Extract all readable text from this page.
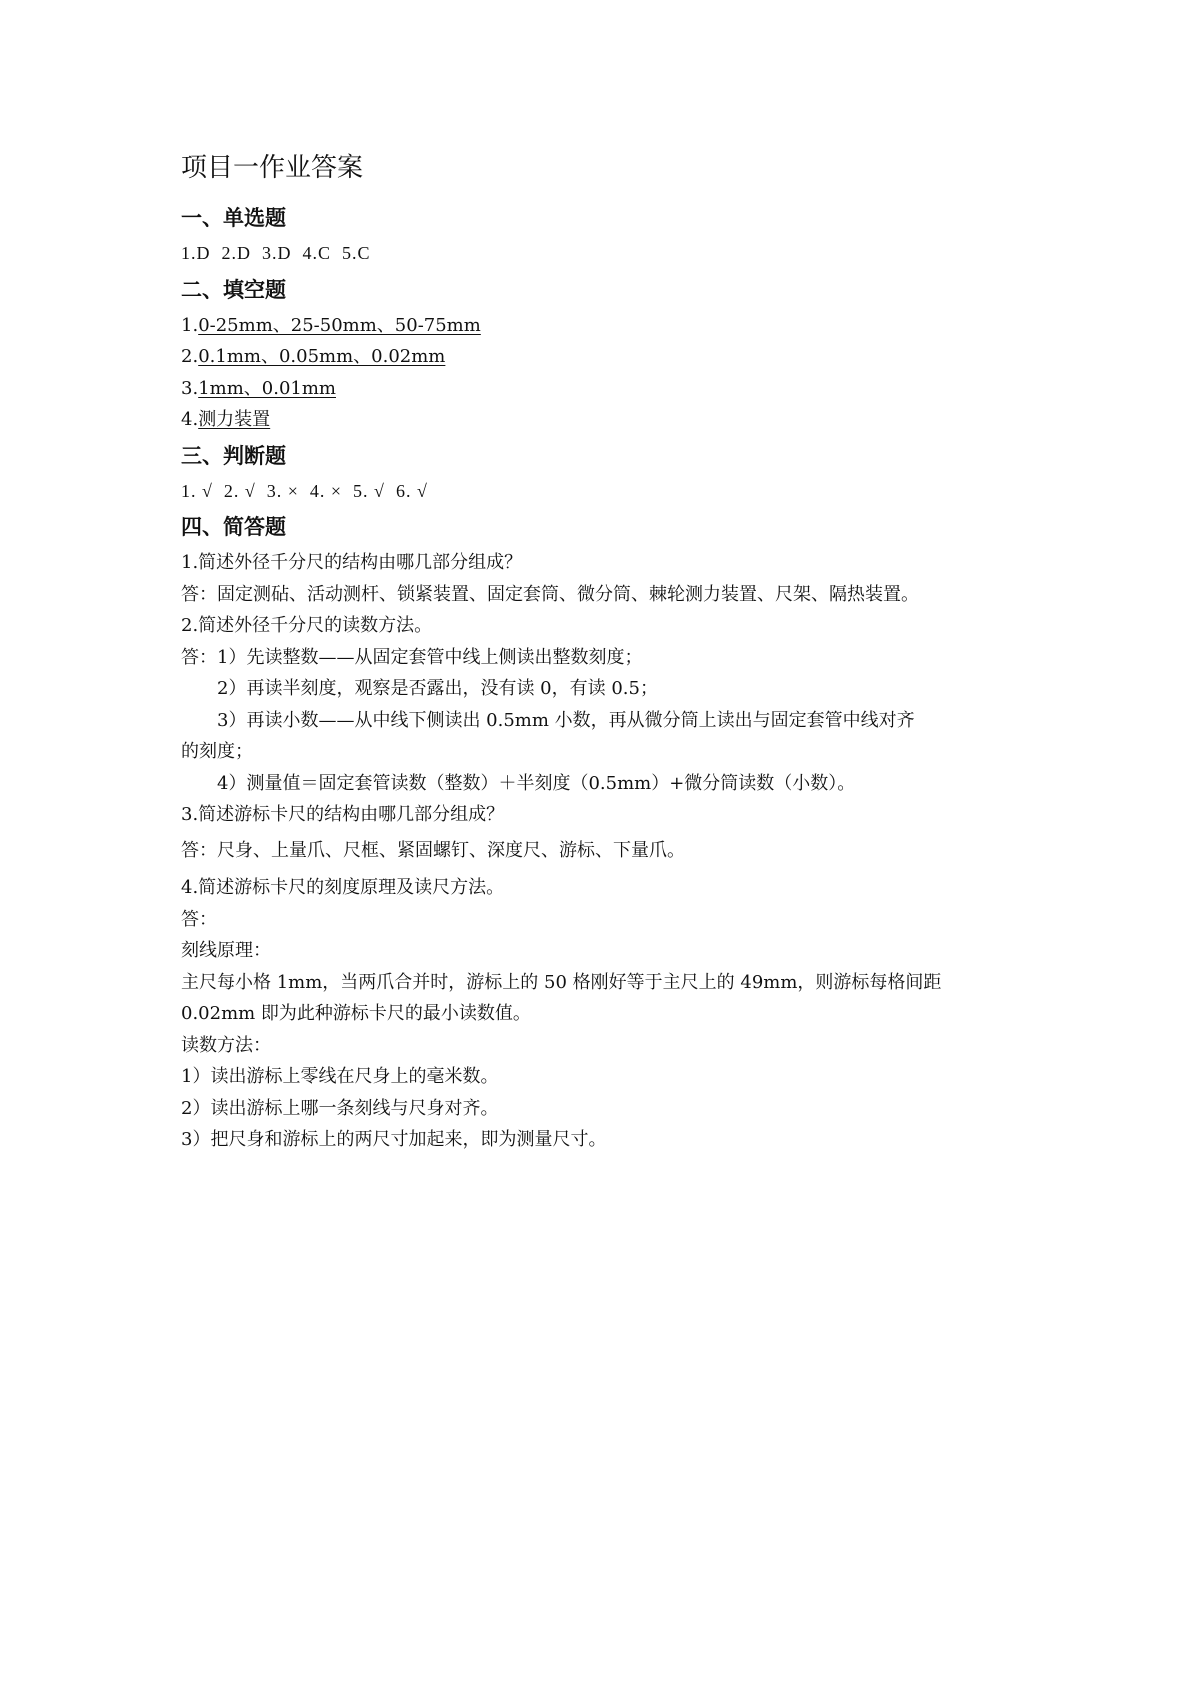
项目一作业答案
一、单选题
1.D  2.D  3.D  4.C  5.C
二、填空题
1.0-25mm、25-50mm、50-75mm
2.0.1mm、0.05mm、0.02mm
3.1mm、0.01mm
4.测力装置
三、判断题
1. √  2. √  3. ×  4. ×  5. √  6. √
四、简答题
1.简述外径千分尺的结构由哪几部分组成？
答：固定测砧、活动测杆、锁紧装置、固定套筒、微分筒、棘轮测力装置、尺架、隔热装置。
2.简述外径千分尺的读数方法。
答：1）先读整数——从固定套管中线上侧读出整数刻度；
2）再读半刻度，观察是否露出，没有读 0，有读 0.5；
3）再读小数——从中线下侧读出 0.5mm 小数，再从微分筒上读出与固定套管中线对齐
的刻度；
4）测量值＝固定套管读数（整数）＋半刻度（0.5mm）+微分筒读数（小数）。
3.简述游标卡尺的结构由哪几部分组成？
答：尺身、上量爪、尺框、紧固螺钉、深度尺、游标、下量爪。
4.简述游标卡尺的刻度原理及读尺方法。
答：
刻线原理：
主尺每小格 1mm，当两爪合并时，游标上的 50 格刚好等于主尺上的 49mm，则游标每格间距
0.02mm 即为此种游标卡尺的最小读数值。
读数方法：
1）读出游标上零线在尺身上的毫米数。
2）读出游标上哪一条刻线与尺身对齐。
3）把尺身和游标上的两尺寸加起来，即为测量尺寸。
